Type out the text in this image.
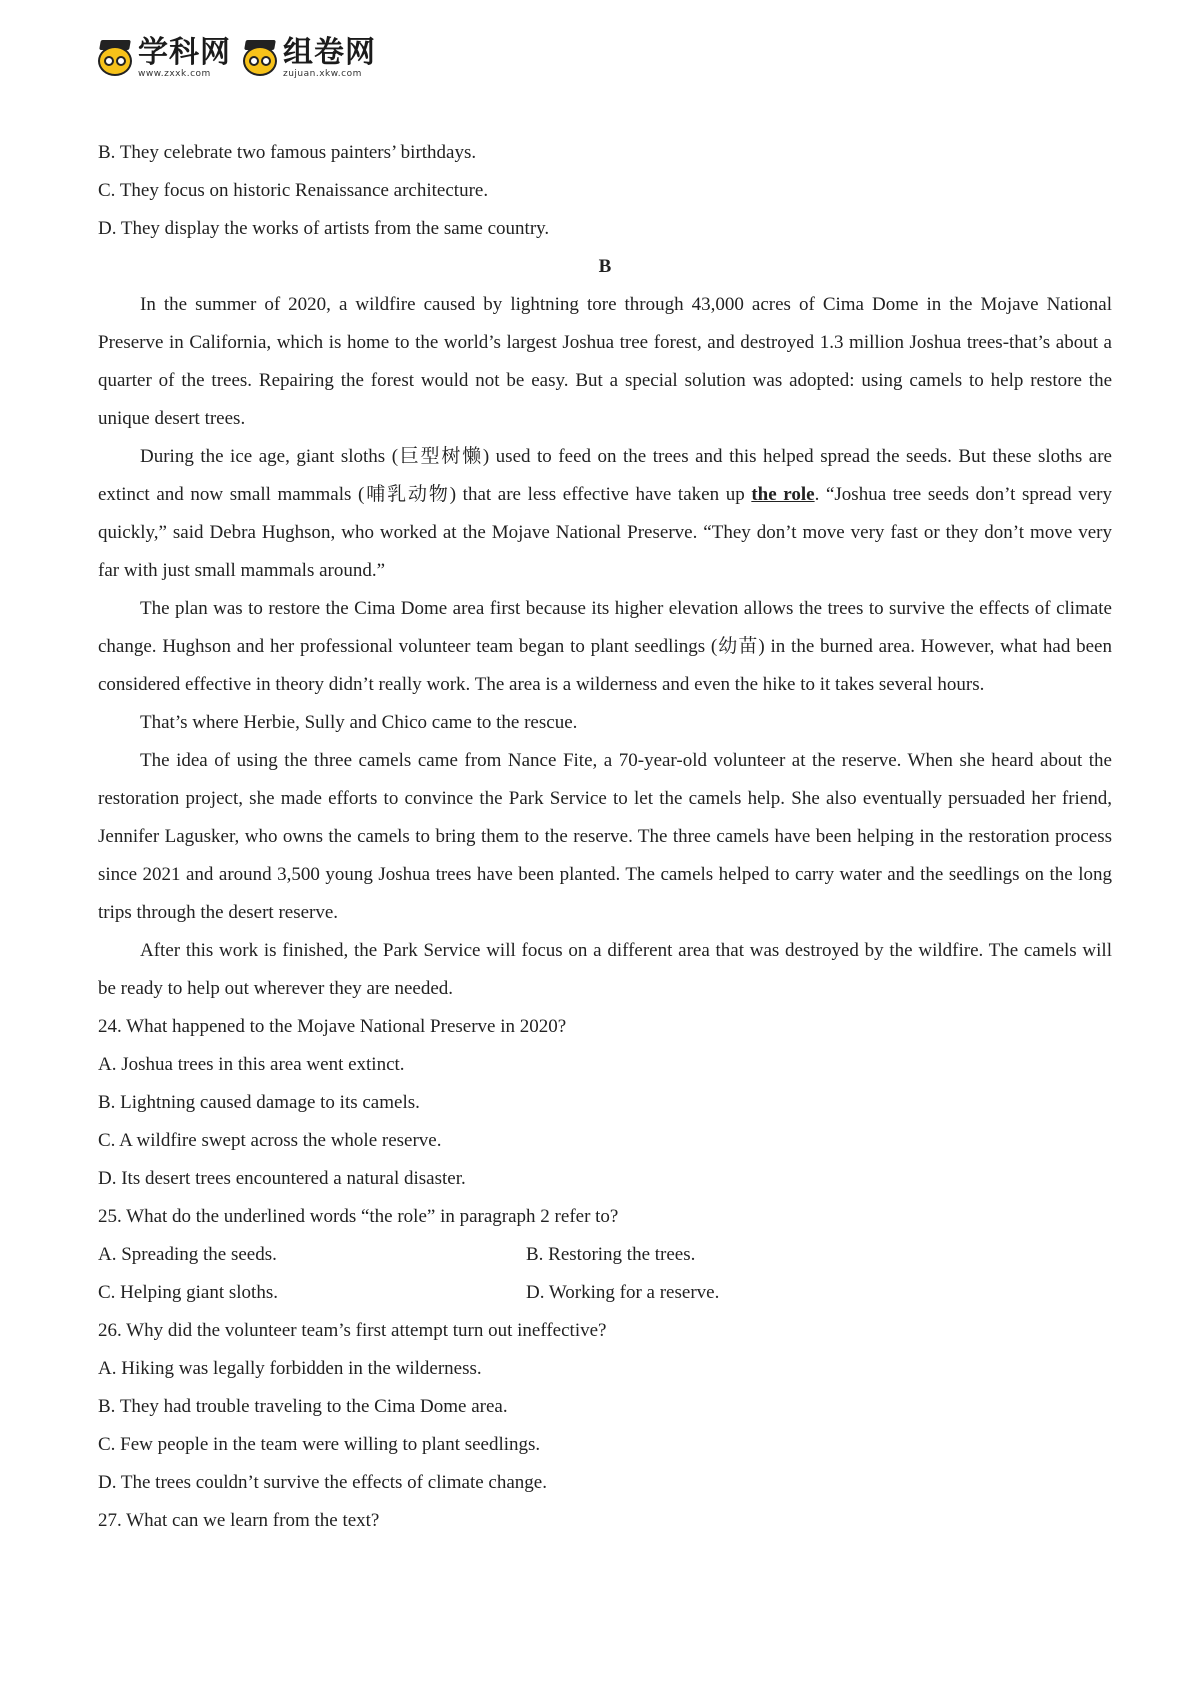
学科网
www.zxxk.com
组卷网
zujuan.xkw.com

B. They celebrate two famous painters’ birthdays.

C. They focus on historic Renaissance architecture.

D. They display the works of artists from the same country.

B

In the summer of 2020, a wildfire caused by lightning tore through 43,000 acres of Cima Dome in the Mojave National Preserve in California, which is home to the world’s largest Joshua tree forest, and destroyed 1.3 million Joshua trees-that’s about a quarter of the trees. Repairing the forest would not be easy. But a special solution was adopted: using camels to help restore the unique desert trees.

During the ice age, giant sloths (巨型树懒) used to feed on the trees and this helped spread the seeds. But these sloths are extinct and now small mammals (哺乳动物) that are less effective have taken up the role. “Joshua tree seeds don’t spread very quickly,” said Debra Hughson, who worked at the Mojave National Preserve. “They don’t move very fast or they don’t move very far with just small mammals around.”

The plan was to restore the Cima Dome area first because its higher elevation allows the trees to survive the effects of climate change. Hughson and her professional volunteer team began to plant seedlings (幼苗) in the burned area. However, what had been considered effective in theory didn’t really work. The area is a wilderness and even the hike to it takes several hours.

That’s where Herbie, Sully and Chico came to the rescue.

The idea of using the three camels came from Nance Fite, a 70-year-old volunteer at the reserve. When she heard about the restoration project, she made efforts to convince the Park Service to let the camels help. She also eventually persuaded her friend, Jennifer Lagusker, who owns the camels to bring them to the reserve. The three camels have been helping in the restoration process since 2021 and around 3,500 young Joshua trees have been planted. The camels helped to carry water and the seedlings on the long trips through the desert reserve.

After this work is finished, the Park Service will focus on a different area that was destroyed by the wildfire. The camels will be ready to help out wherever they are needed.

24. What happened to the Mojave National Preserve in 2020?

A. Joshua trees in this area went extinct.

B. Lightning caused damage to its camels.

C. A wildfire swept across the whole reserve.

D. Its desert trees encountered a natural disaster.

25. What do the underlined words “the role” in paragraph 2 refer to?

A. Spreading the seeds.	B. Restoring the trees.
C. Helping giant sloths.	D. Working for a reserve.

26. Why did the volunteer team’s first attempt turn out ineffective?

A. Hiking was legally forbidden in the wilderness.

B. They had trouble traveling to the Cima Dome area.

C. Few people in the team were willing to plant seedlings.

D. The trees couldn’t survive the effects of climate change.

27. What can we learn from the text?
